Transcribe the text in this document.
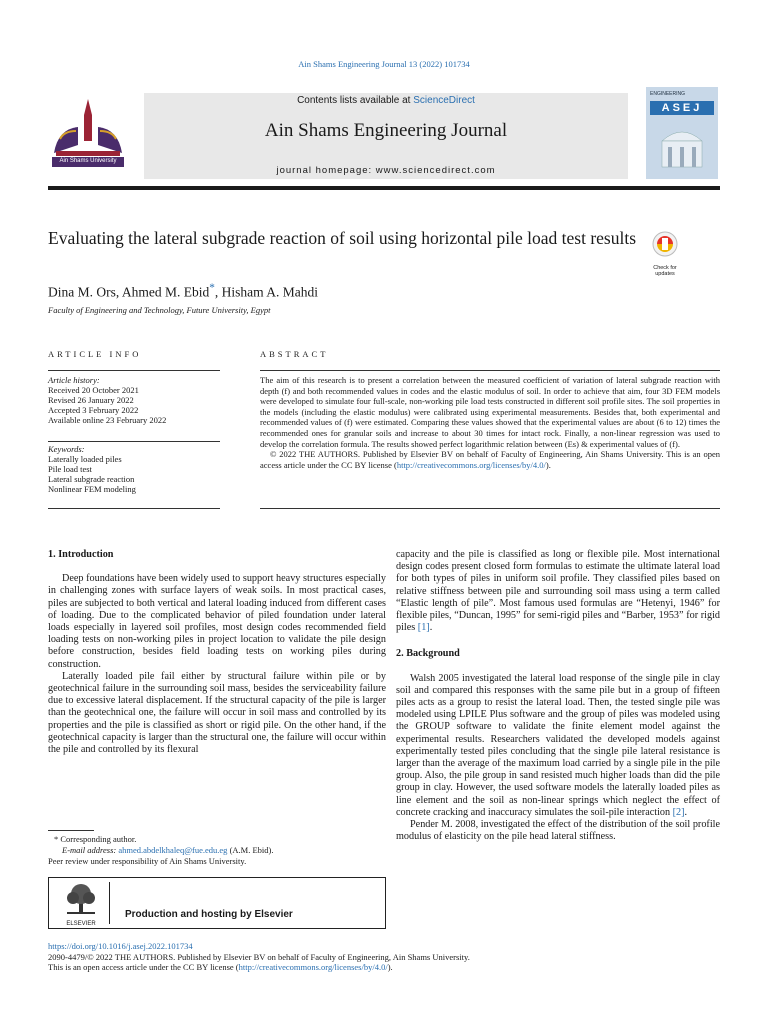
Ain Shams Engineering Journal 13 (2022) 101734
Ain Shams University
Contents lists available at ScienceDirect
Ain Shams Engineering Journal
journal homepage: www.sciencedirect.com
ENGINEERING
ASEJ
Evaluating the lateral subgrade reaction of soil using horizontal pile load test results
Check for updates
Dina M. Ors, Ahmed M. Ebid*, Hisham A. Mahdi
Faculty of Engineering and Technology, Future University, Egypt
ARTICLE INFO	ABSTRACT
Article history:
Received 20 October 2021
Revised 26 January 2022
Accepted 3 February 2022
Available online 23 February 2022
Keywords:
Laterally loaded piles
Pile load test
Lateral subgrade reaction
Nonlinear FEM modeling

The aim of this research is to present a correlation between the measured coefficient of variation of lateral subgrade reaction with depth (f) and both recommended values in codes and the elastic modulus of soil. In order to achieve that aim, four 3D FEM models were developed to simulate four full-scale, non-working pile load tests constructed in different soil profile sites. The soil properties in the models (including the elastic modulus) were calibrated using experimental measurements. Besides that, both experimental and recommended values of (f) were estimated. Comparing these values showed that the experimental values are about (6 to 12) times the recommended ones for granular soils and increase to about 30 times for intact rock. Finally, a non-linear regression was used to develop the correlation formula. The results showed perfect logarithmic relation between (Es) & experimental values of (f).

© 2022 THE AUTHORS. Published by Elsevier BV on behalf of Faculty of Engineering, Ain Shams University. This is an open access article under the CC BY license (http://creativecommons.org/licenses/by/4.0/).

1. Introduction

Deep foundations have been widely used to support heavy structures especially in challenging zones with surface layers of weak soils. In most practical cases, piles are subjected to both vertical and lateral loading induced from different cases of loading. Due to the complicated behavior of piled foundation under lateral loads especially in layered soil profiles, most design codes recommended field loading tests on non-working piles in project location to validate the pile design before construction, besides field loading tests on working piles during construction.

Laterally loaded pile fail either by structural failure within pile or by geotechnical failure in the surrounding soil mass, besides the serviceability failure due to excessive lateral displacement. If the structural capacity of the pile is larger than the geotechnical one, the failure will occur in soil mass and controlled by its properties and the pile is classified as short or rigid pile. On the other hand, if the geotechnical capacity is larger than the structural one, the failure will occur within the pile and controlled by its flexural

capacity and the pile is classified as long or flexible pile. Most international design codes present closed form formulas to estimate the ultimate lateral load for both types of piles in uniform soil profile. They classified piles based on relative stiffness between pile and surrounding soil mass using a term called “Elastic length of pile”. Most famous used formulas are “Hetenyi, 1946” for flexible piles, “Duncan, 1995” for semi-rigid piles and “Barber, 1953” for rigid piles [1].

2. Background

Walsh 2005 investigated the lateral load response of the single pile in clay soil and compared this responses with the same pile but in a group of fifteen piles acts as a group to resist the lateral load. Then, the tested single pile was modeled using LPILE Plus software and the group of piles was modeled using the GROUP software to validate the finite element model against the experimental results. Researchers validated the developed models against experimentally tested piles concluding that the single pile lateral resistance is larger than the average of the maximum load carried by a single pile in the pile group. Also, the pile group in sand resisted much higher loads than did the pile group in clay. However, the used software models the laterally loaded piles as line element and the soil as non-linear springs which neglect the effect of concrete cracking and inaccuracy simulates the soil-pile interaction [2].

Pender M. 2008, investigated the effect of the distribution of the soil profile modulus of elasticity on the pile head lateral stiffness.

* Corresponding author.
E-mail address: ahmed.abdelkhaleq@fue.edu.eg (A.M. Ebid).
Peer review under responsibility of Ain Shams University.
ELSEVIER
Production and hosting by Elsevier
https://doi.org/10.1016/j.asej.2022.101734
2090-4479/© 2022 THE AUTHORS. Published by Elsevier BV on behalf of Faculty of Engineering, Ain Shams University.
This is an open access article under the CC BY license (http://creativecommons.org/licenses/by/4.0/).
